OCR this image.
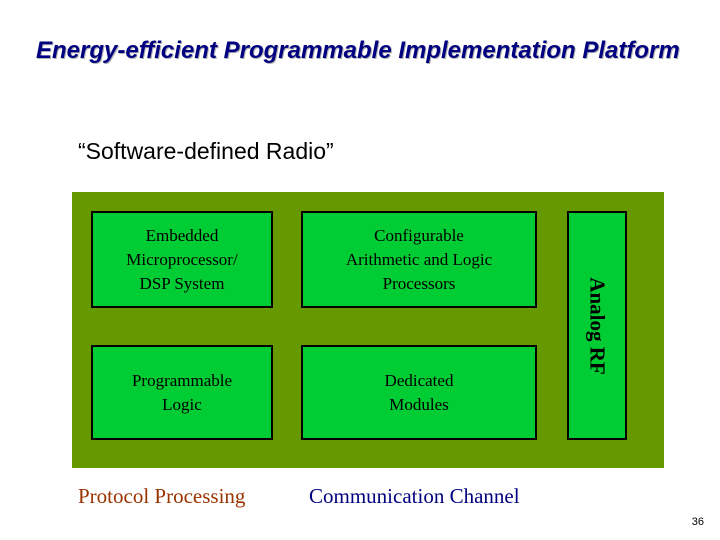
Energy-efficient Programmable Implementation Platform
“Software-defined Radio”
Embedded
Microprocessor/
DSP System
Configurable
Arithmetic and Logic
Processors
Programmable
Logic
Dedicated
Modules
Analog RF
Protocol Processing	Communication Channel
36
